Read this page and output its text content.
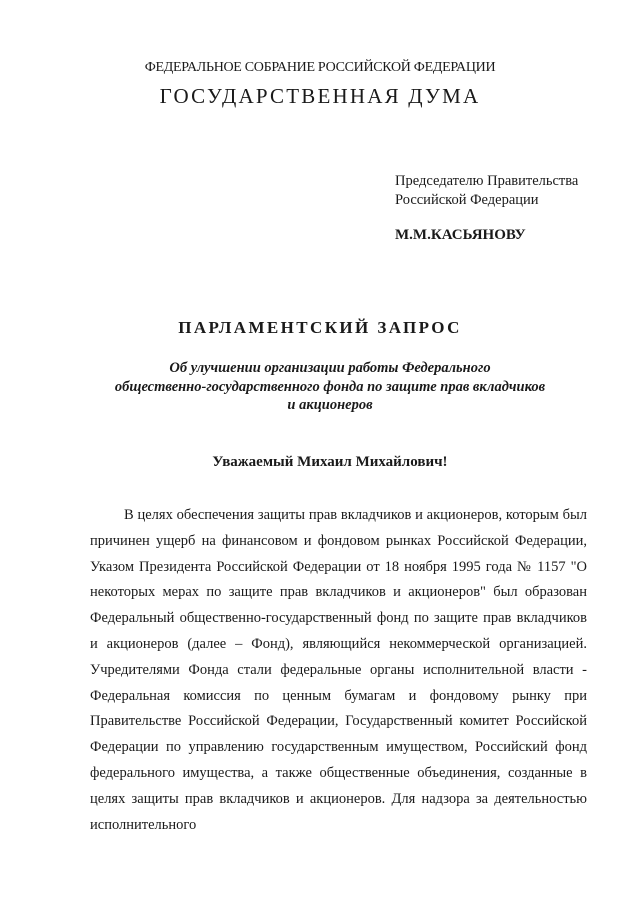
ФЕДЕРАЛЬНОЕ СОБРАНИЕ РОССИЙСКОЙ ФЕДЕРАЦИИ
ГОСУДАРСТВЕННАЯ ДУМА
Председателю Правительства
Российской Федерации
М.М.КАСЬЯНОВУ
ПАРЛАМЕНТСКИЙ ЗАПРОС
Об улучшении организации работы Федерального
общественно-государственного фонда по защите прав вкладчиков
и акционеров
Уважаемый Михаил Михайлович!

В целях обеспечения защиты прав вкладчиков и акционеров, которым был причинен ущерб на финансовом и фондовом рынках Российской Федерации, Указом Президента Российской Федерации от 18 ноября 1995 года № 1157 "О некоторых мерах по защите прав вкладчиков и акционеров" был образован Федеральный общественно-государственный фонд по защите прав вкладчиков и акционеров (далее – Фонд), являющийся некоммерческой организацией. Учредителями Фонда стали федеральные органы исполнительной власти - Федеральная комиссия по ценным бумагам и фондовому рынку при Правительстве Российской Федерации, Государственный комитет Российской Федерации по управлению государственным имуществом, Российский фонд федерального имущества, а также общественные объединения, созданные в целях защиты прав вкладчиков и акционеров. Для надзора за деятельностью исполнительного
